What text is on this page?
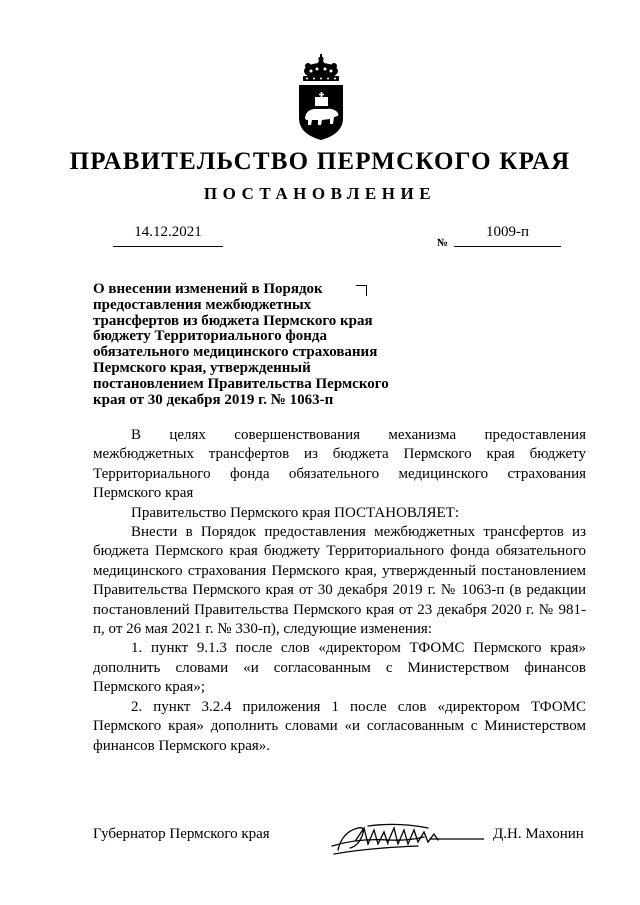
ПРАВИТЕЛЬСТВО ПЕРМСКОГО КРАЯ
ПОСТАНОВЛЕНИЕ
14.12.2021
№
1009-п
О внесении изменений в Порядок предоставления межбюджетных трансфертов из бюджета Пермского края бюджету Территориального фонда обязательного медицинского страхования Пермского края, утвержденный постановлением Правительства Пермского края от 30 декабря 2019 г. № 1063-п

В целях совершенствования механизма предоставления межбюджетных трансфертов из бюджета Пермского края бюджету Территориального фонда обязательного медицинского страхования Пермского края

Правительство Пермского края ПОСТАНОВЛЯЕТ:

Внести в Порядок предоставления межбюджетных трансфертов из бюджета Пермского края бюджету Территориального фонда обязательного медицинского страхования Пермского края, утвержденный постановлением Правительства Пермского края от 30 декабря 2019 г. № 1063-п (в редакции постановлений Правительства Пермского края от 23 декабря 2020 г. № 981-п, от 26 мая 2021 г. № 330-п), следующие изменения:

1. пункт 9.1.3 после слов «директором ТФОМС Пермского края» дополнить словами «и согласованным с Министерством финансов Пермского края»;

2. пункт 3.2.4 приложения 1 после слов «директором ТФОМС Пермского края» дополнить словами «и согласованным с Министерством финансов Пермского края».

Губернатор Пермского края	Д.Н. Махонин
